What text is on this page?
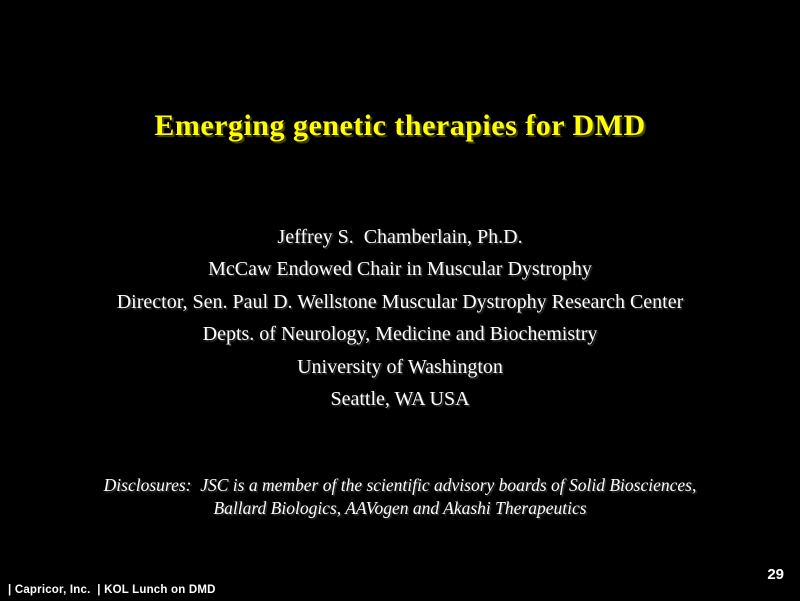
Emerging genetic therapies for DMD
Jeffrey S.  Chamberlain, Ph.D.
McCaw Endowed Chair in Muscular Dystrophy
Director, Sen. Paul D. Wellstone Muscular Dystrophy Research Center
Depts. of Neurology, Medicine and Biochemistry
University of Washington
Seattle, WA USA
Disclosures:  JSC is a member of the scientific advisory boards of Solid Biosciences,
Ballard Biologics, AAVogen and Akashi Therapeutics
| Capricor, Inc.  | KOL Lunch on DMD
29
